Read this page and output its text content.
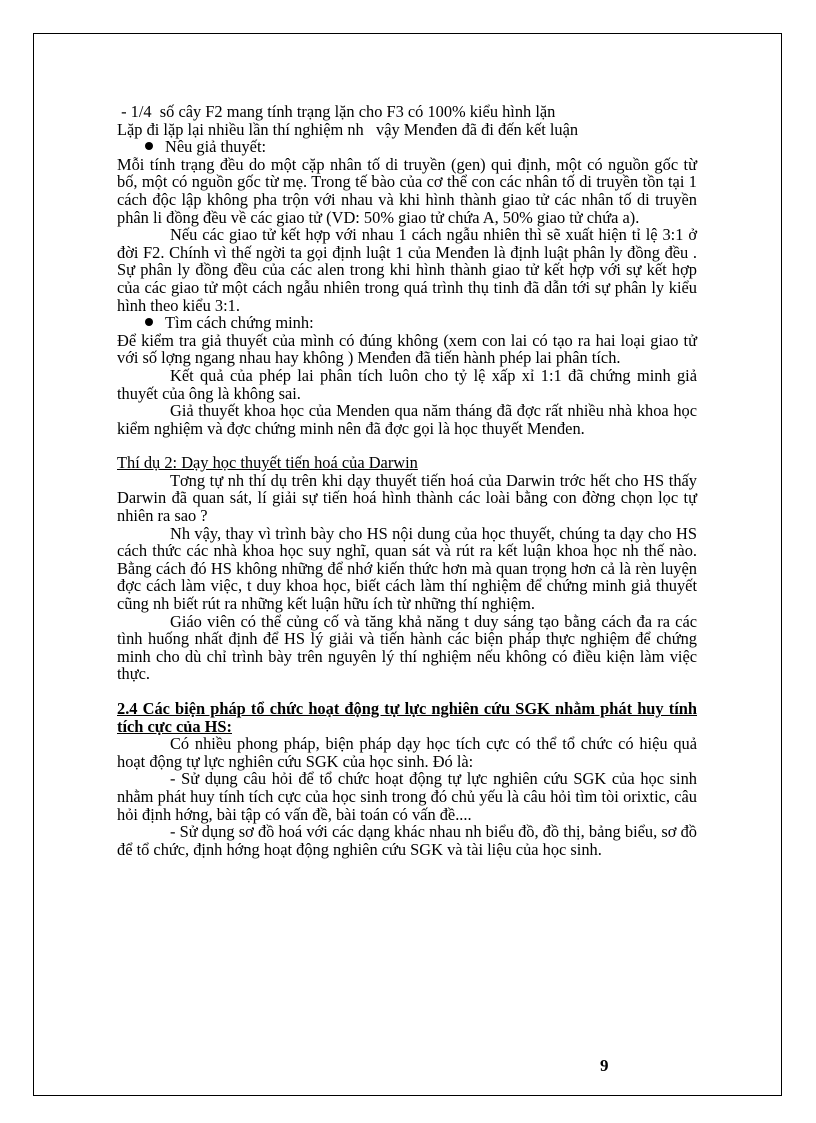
- 1/4  số cây F2 mang tính trạng lặn cho F3 có 100% kiểu hình lặn

Lặp đi lặp lại nhiều lần thí nghiệm nh   vậy Menđen đã đi đến kết luận

Nêu giả thuyết:

Mỗi tính trạng đều do một cặp nhân tố di truyền (gen) qui định, một có nguồn gốc từ bố, một có nguồn gốc từ mẹ. Trong tế bào của cơ thể con các nhân tố di truyền tồn tại 1 cách độc lập không pha trộn với nhau và khi hình thành giao tử các nhân tố di truyền phân li đồng đều về các giao tử (VD: 50% giao tử chứa A, 50% giao tử chứa a).

Nếu các giao tử kết hợp với nhau 1 cách ngẫu nhiên thì sẽ xuất hiện tỉ lệ 3:1 ở đời F2. Chính vì thế ngời ta gọi định luật 1 của Menđen là định luật phân ly đồng đều . Sự phân ly đồng đều của các alen trong khi hình thành giao tử kết hợp với sự kết hợp của các giao tử một cách ngẫu nhiên trong quá trình thụ tinh đã dẫn tới sự phân ly kiểu hình theo kiểu 3:1.

Tìm cách chứng minh:

Để kiểm tra giả thuyết của mình có đúng không (xem con lai có tạo ra hai loại giao tử với số lợng ngang nhau hay không ) Menđen đã tiến hành phép lai phân tích.

Kết quả của phép lai phân tích luôn cho tỷ lệ xấp xỉ 1:1 đã chứng minh giả thuyết của ông là không sai.

Giả thuyết khoa học của Menden qua năm tháng đã đợc rất nhiều nhà khoa học kiểm nghiệm và đợc chứng minh nên đã đợc gọi là học thuyết Menđen.

Thí dụ 2: Dạy học thuyết tiến hoá của Darwin

Tơng tự nh thí dụ trên khi dạy thuyết tiến hoá của Darwin trớc hết cho HS thấy Darwin đã quan sát, lí giải sự tiến hoá hình thành các loài bằng con đờng chọn lọc tự nhiên ra sao ?

Nh vậy, thay vì trình bày cho HS nội dung của học thuyết, chúng ta dạy cho HS cách thức các nhà khoa học suy nghĩ, quan sát và rút ra kết luận khoa học nh thế nào. Bằng cách đó HS không những để nhớ kiến thức hơn mà quan trọng hơn cả là rèn luyện đợc cách làm việc, t duy khoa học, biết cách làm thí nghiệm để chứng minh giả thuyết cũng nh biết rút ra những kết luận hữu ích từ những thí nghiệm.

Giáo viên có thể củng cố và tăng khả năng t duy sáng tạo bằng cách đa ra các tình huống nhất định để HS lý giải và tiến hành các biện pháp thực nghiệm để chứng minh cho dù chỉ trình bày trên nguyên lý thí nghiệm nếu không có điều kiện làm việc thực.

2.4 Các biện pháp tổ chức hoạt động tự lực nghiên cứu SGK nhằm phát huy tính tích cực của HS:

Có nhiều phong pháp, biện pháp dạy học tích cực có thể tổ chức có hiệu quả hoạt động tự lực nghiên cứu SGK của học sinh. Đó là:

- Sử dụng câu hỏi để tổ chức hoạt động tự lực nghiên cứu SGK của học sinh nhằm phát huy tính tích cực của học sinh trong đó chủ yếu là câu hỏi tìm tòi orixtic, câu hỏi định hớng, bài tập có vấn đề, bài toán có vấn đề....

- Sử dụng sơ đồ hoá với các dạng khác nhau nh biểu đồ, đồ thị, bảng biểu, sơ đồ để tổ chức, định hớng hoạt động nghiên cứu SGK và tài liệu của học sinh.

9
